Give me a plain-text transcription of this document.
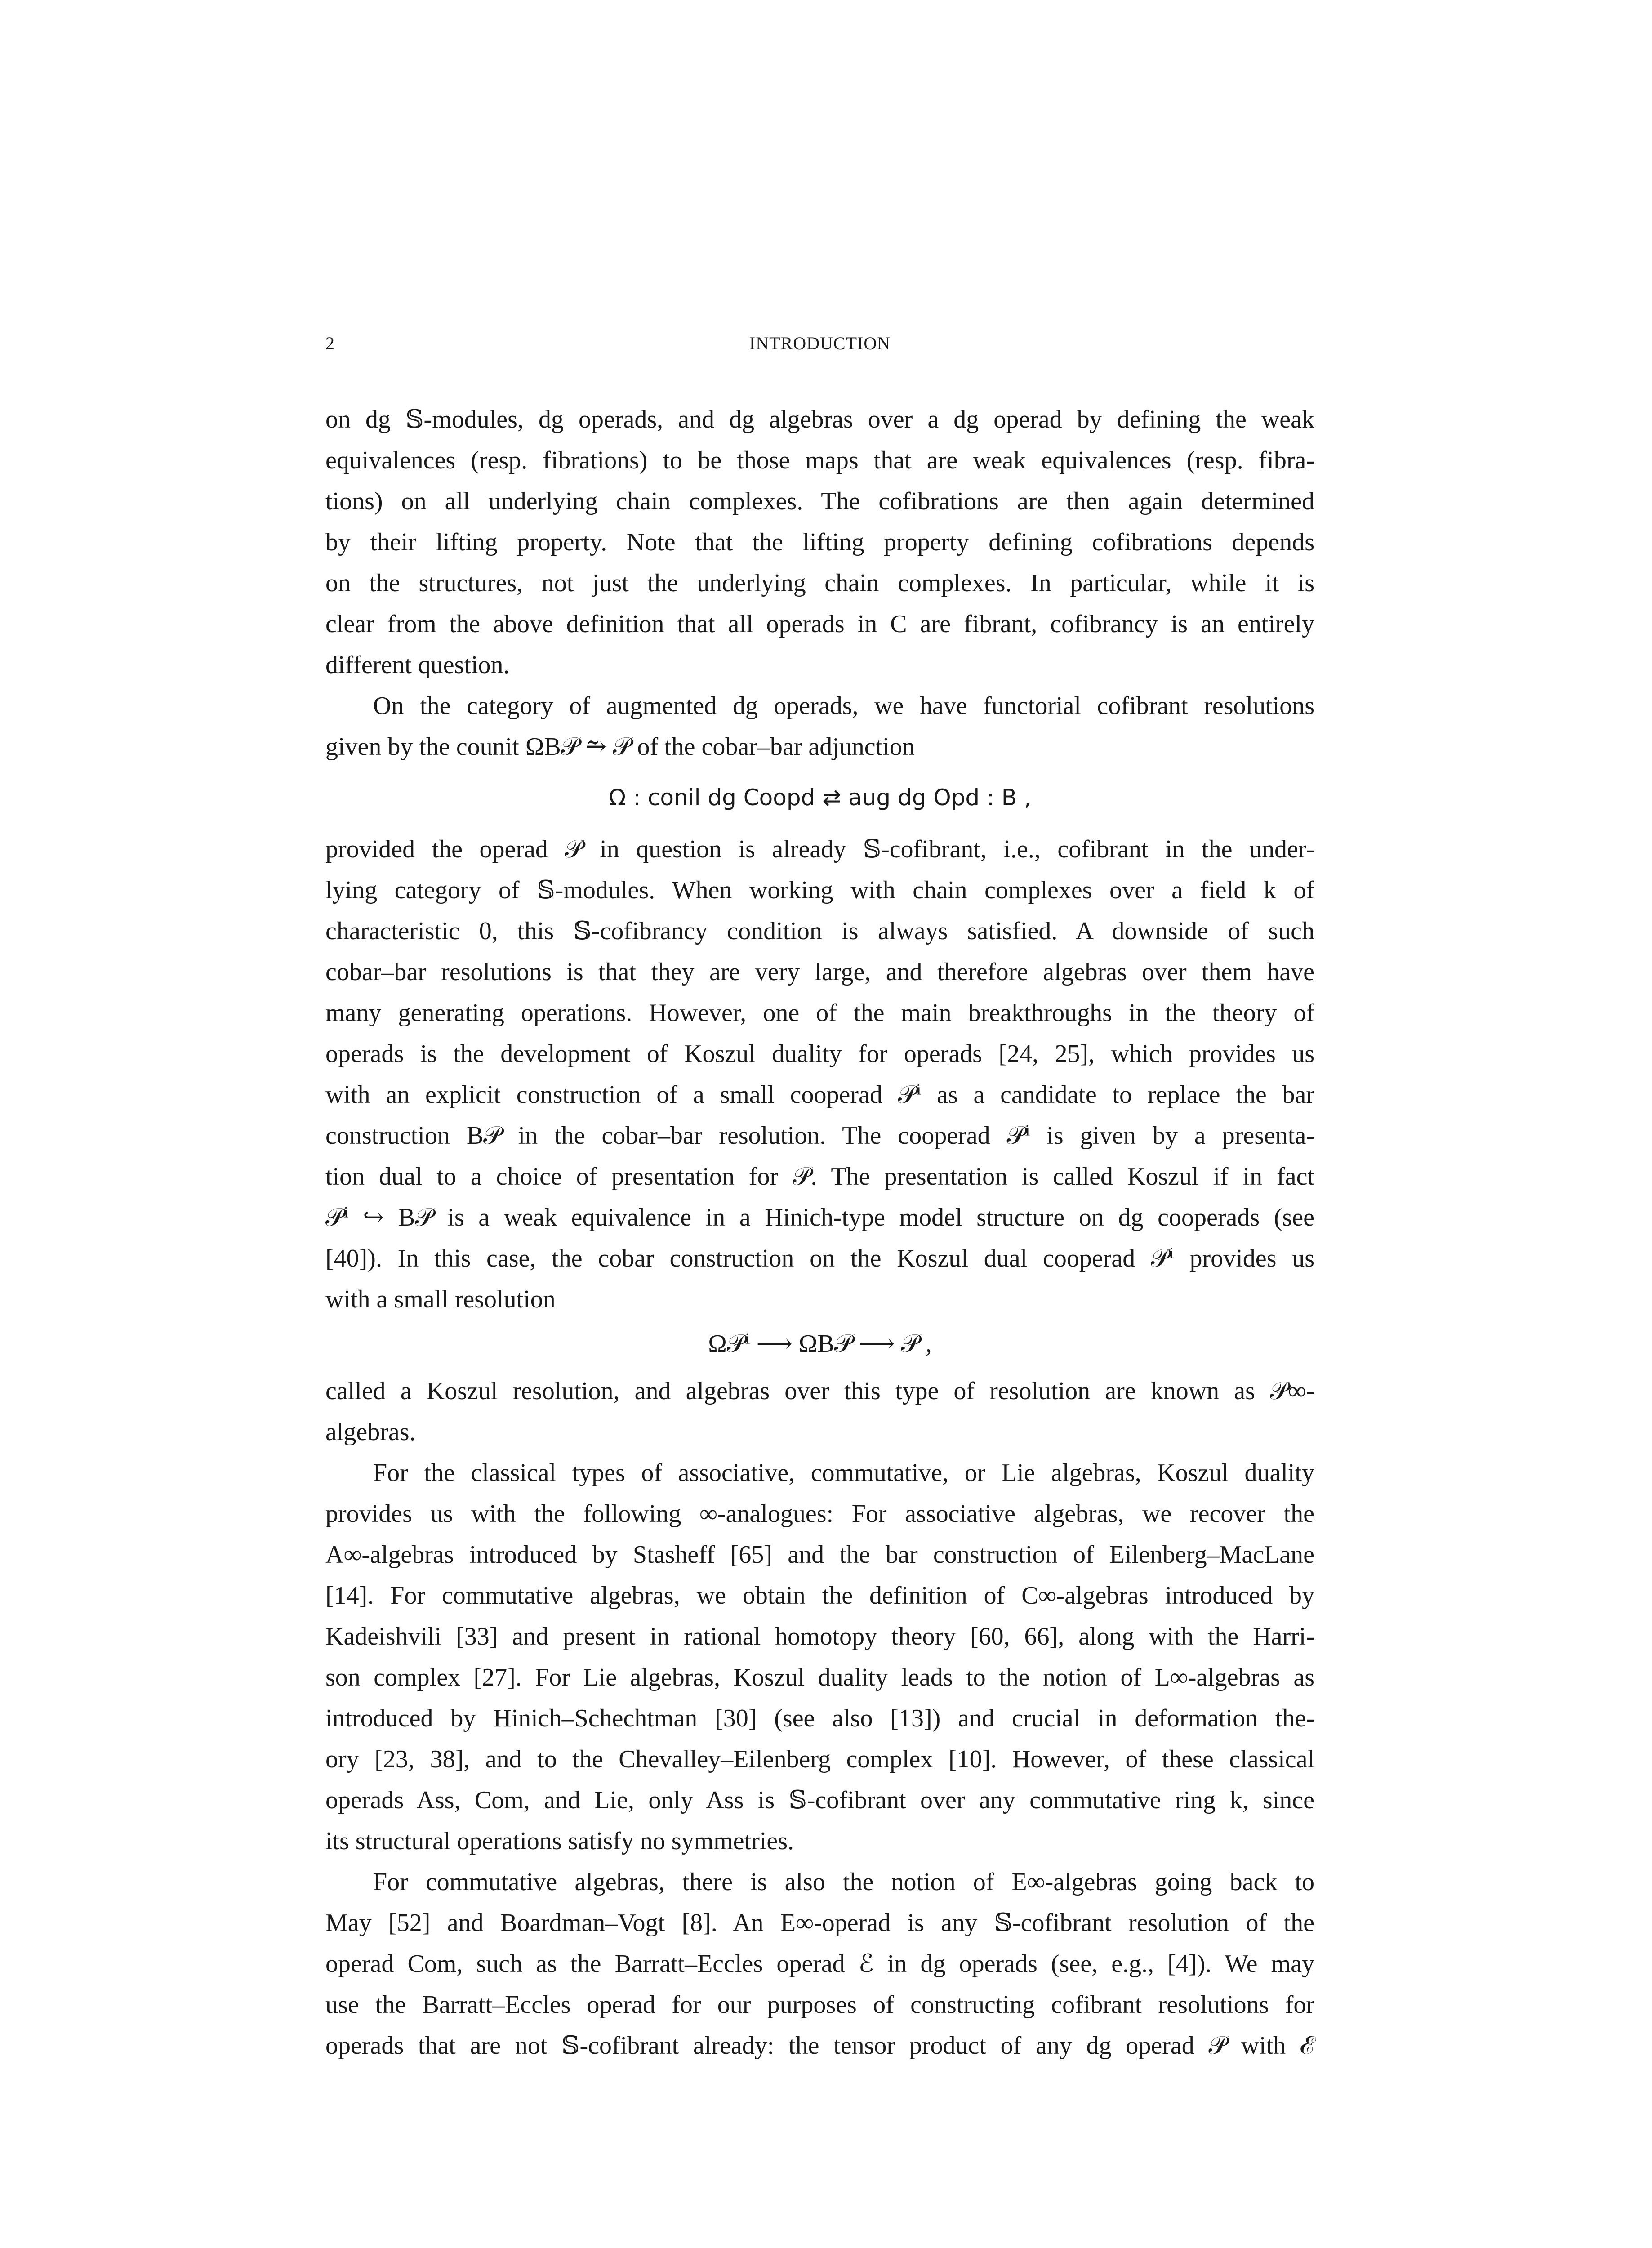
2	INTRODUCTION
on dg 𝕊-modules, dg operads, and dg algebras over a dg operad by defining the weak
equivalences (resp. fibrations) to be those maps that are weak equivalences (resp. fibra-
tions) on all underlying chain complexes. The cofibrations are then again determined
by their lifting property. Note that the lifting property defining cofibrations depends
on the structures, not just the underlying chain complexes. In particular, while it is
clear from the above definition that all operads in C are fibrant, cofibrancy is an entirely
different question.
On the category of augmented dg operads, we have functorial cofibrant resolutions
given by the counit ΩB𝒫 ⥲ 𝒫 of the cobar–bar adjunction
Ω : conil dg Coopd ⇄ aug dg Opd : B ,
provided the operad 𝒫 in question is already 𝕊-cofibrant, i.e., cofibrant in the under-
lying category of 𝕊-modules. When working with chain complexes over a field k of
characteristic 0, this 𝕊-cofibrancy condition is always satisfied. A downside of such
cobar–bar resolutions is that they are very large, and therefore algebras over them have
many generating operations. However, one of the main breakthroughs in the theory of
operads is the development of Koszul duality for operads [24, 25], which provides us
with an explicit construction of a small cooperad 𝒫ⁱ as a candidate to replace the bar
construction B𝒫 in the cobar–bar resolution. The cooperad 𝒫ⁱ is given by a presenta-
tion dual to a choice of presentation for 𝒫. The presentation is called Koszul if in fact
𝒫ⁱ ↪ B𝒫 is a weak equivalence in a Hinich-type model structure on dg cooperads (see
[40]). In this case, the cobar construction on the Koszul dual cooperad 𝒫ⁱ provides us
with a small resolution
Ω𝒫ⁱ ⟶ ΩB𝒫 ⟶ 𝒫 ,
called a Koszul resolution, and algebras over this type of resolution are known as 𝒫∞-
algebras.
For the classical types of associative, commutative, or Lie algebras, Koszul duality
provides us with the following ∞-analogues: For associative algebras, we recover the
A∞-algebras introduced by Stasheff [65] and the bar construction of Eilenberg–MacLane
[14]. For commutative algebras, we obtain the definition of C∞-algebras introduced by
Kadeishvili [33] and present in rational homotopy theory [60, 66], along with the Harri-
son complex [27]. For Lie algebras, Koszul duality leads to the notion of L∞-algebras as
introduced by Hinich–Schechtman [30] (see also [13]) and crucial in deformation the-
ory [23, 38], and to the Chevalley–Eilenberg complex [10]. However, of these classical
operads Ass, Com, and Lie, only Ass is 𝕊-cofibrant over any commutative ring k, since
its structural operations satisfy no symmetries.
For commutative algebras, there is also the notion of E∞-algebras going back to
May [52] and Boardman–Vogt [8]. An E∞-operad is any 𝕊-cofibrant resolution of the
operad Com, such as the Barratt–Eccles operad ℰ in dg operads (see, e.g., [4]). We may
use the Barratt–Eccles operad for our purposes of constructing cofibrant resolutions for
operads that are not 𝕊-cofibrant already: the tensor product of any dg operad 𝒫 with ℰ
